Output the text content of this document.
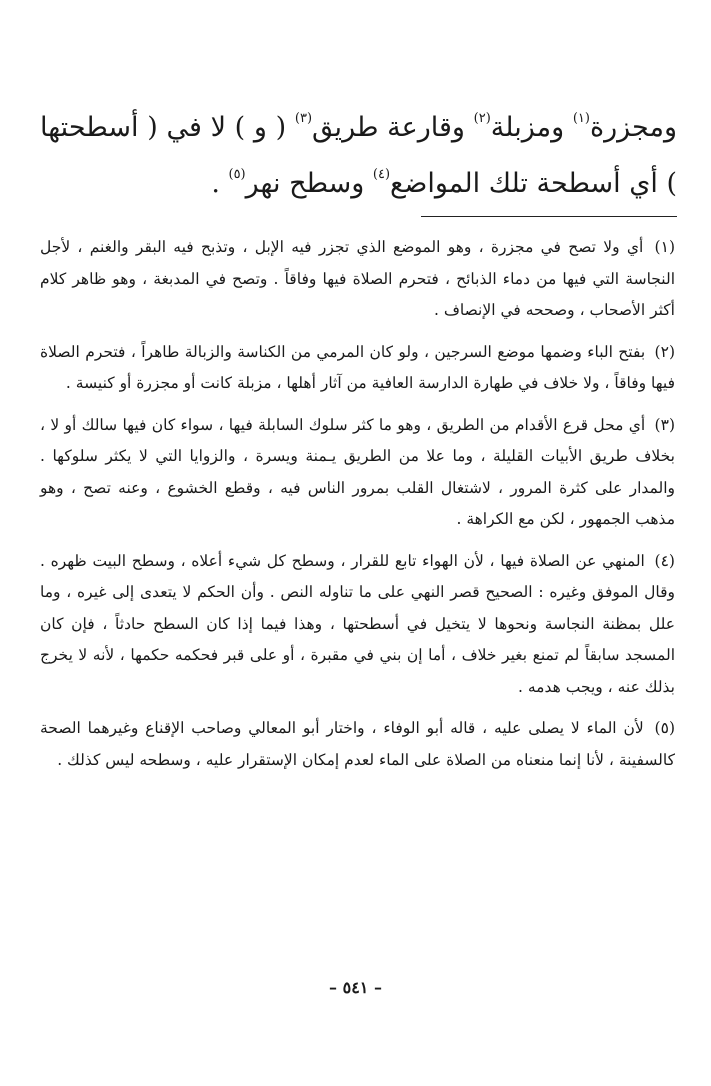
ومجزرة$^{(١)}$ ومزبلة$^{(٢)}$ وقارعة طريق$^{(٣)}$ ( و ) لا في ( أسطحتها ) أي أسطحة تلك المواضع$^{(٤)}$ وسطح نهر$^{(٥)}$ .

(١) أي ولا تصح في مجزرة ، وهو الموضع الذي تجزر فيه الإبل ، وتذبح فيه البقر والغنم ، لأجل النجاسة التي فيها من دماء الذبائح ، فتحرم الصلاة فيها وفاقاً . وتصح في المدبغة ، وهو ظاهر كلام أكثر الأصحاب ، وصححه في الإنصاف .

(٢) بفتح الباء وضمها موضع السرجين ، ولو كان المرمي من الكناسة والزبالة طاهراً ، فتحرم الصلاة فيها وفاقاً ، ولا خلاف في طهارة الدارسة العافية من آثار أهلها ، مزبلة كانت أو مجزرة أو كنيسة .

(٣) أي محل قرع الأقدام من الطريق ، وهو ما كثر سلوك السابلة فيها ، سواء كان فيها سالك أو لا ، بخلاف طريق الأبيات القليلة ، وما علا من الطريق يـمنة ويسرة ، والزوايا التي لا يكثر سلوكها . والمدار على كثرة المرور ، لاشتغال القلب بمرور الناس فيه ، وقطع الخشوع ، وعنه تصح ، وهو مذهب الجمهور ، لكن مع الكراهة .

(٤) المنهي عن الصلاة فيها ، لأن الهواء تابع للقرار ، وسطح كل شيء أعلاه ، وسطح البيت ظهره . وقال الموفق وغيره : الصحيح قصر النهي على ما تناوله النص . وأن الحكم لا يتعدى إلى غيره ، وما علل بمظنة النجاسة ونحوها لا يتخيل في أسطحتها ، وهذا فيما إذا كان السطح حادثاً ، فإن كان المسجد سابقاً لم تمنع بغير خلاف ، أما إن بني في مقبرة ، أو على قبر فحكمه حكمها ، لأنه لا يخرج بذلك عنه ، ويجب هدمه .

(٥) لأن الماء لا يصلى عليه ، قاله أبو الوفاء ، واختار أبو المعالي وصاحب الإقناع وغيرهما الصحة كالسفينة ، لأنا إنما منعناه من الصلاة على الماء لعدم إمكان الإستقرار عليه ، وسطحه ليس كذلك .

– ٥٤١ –
